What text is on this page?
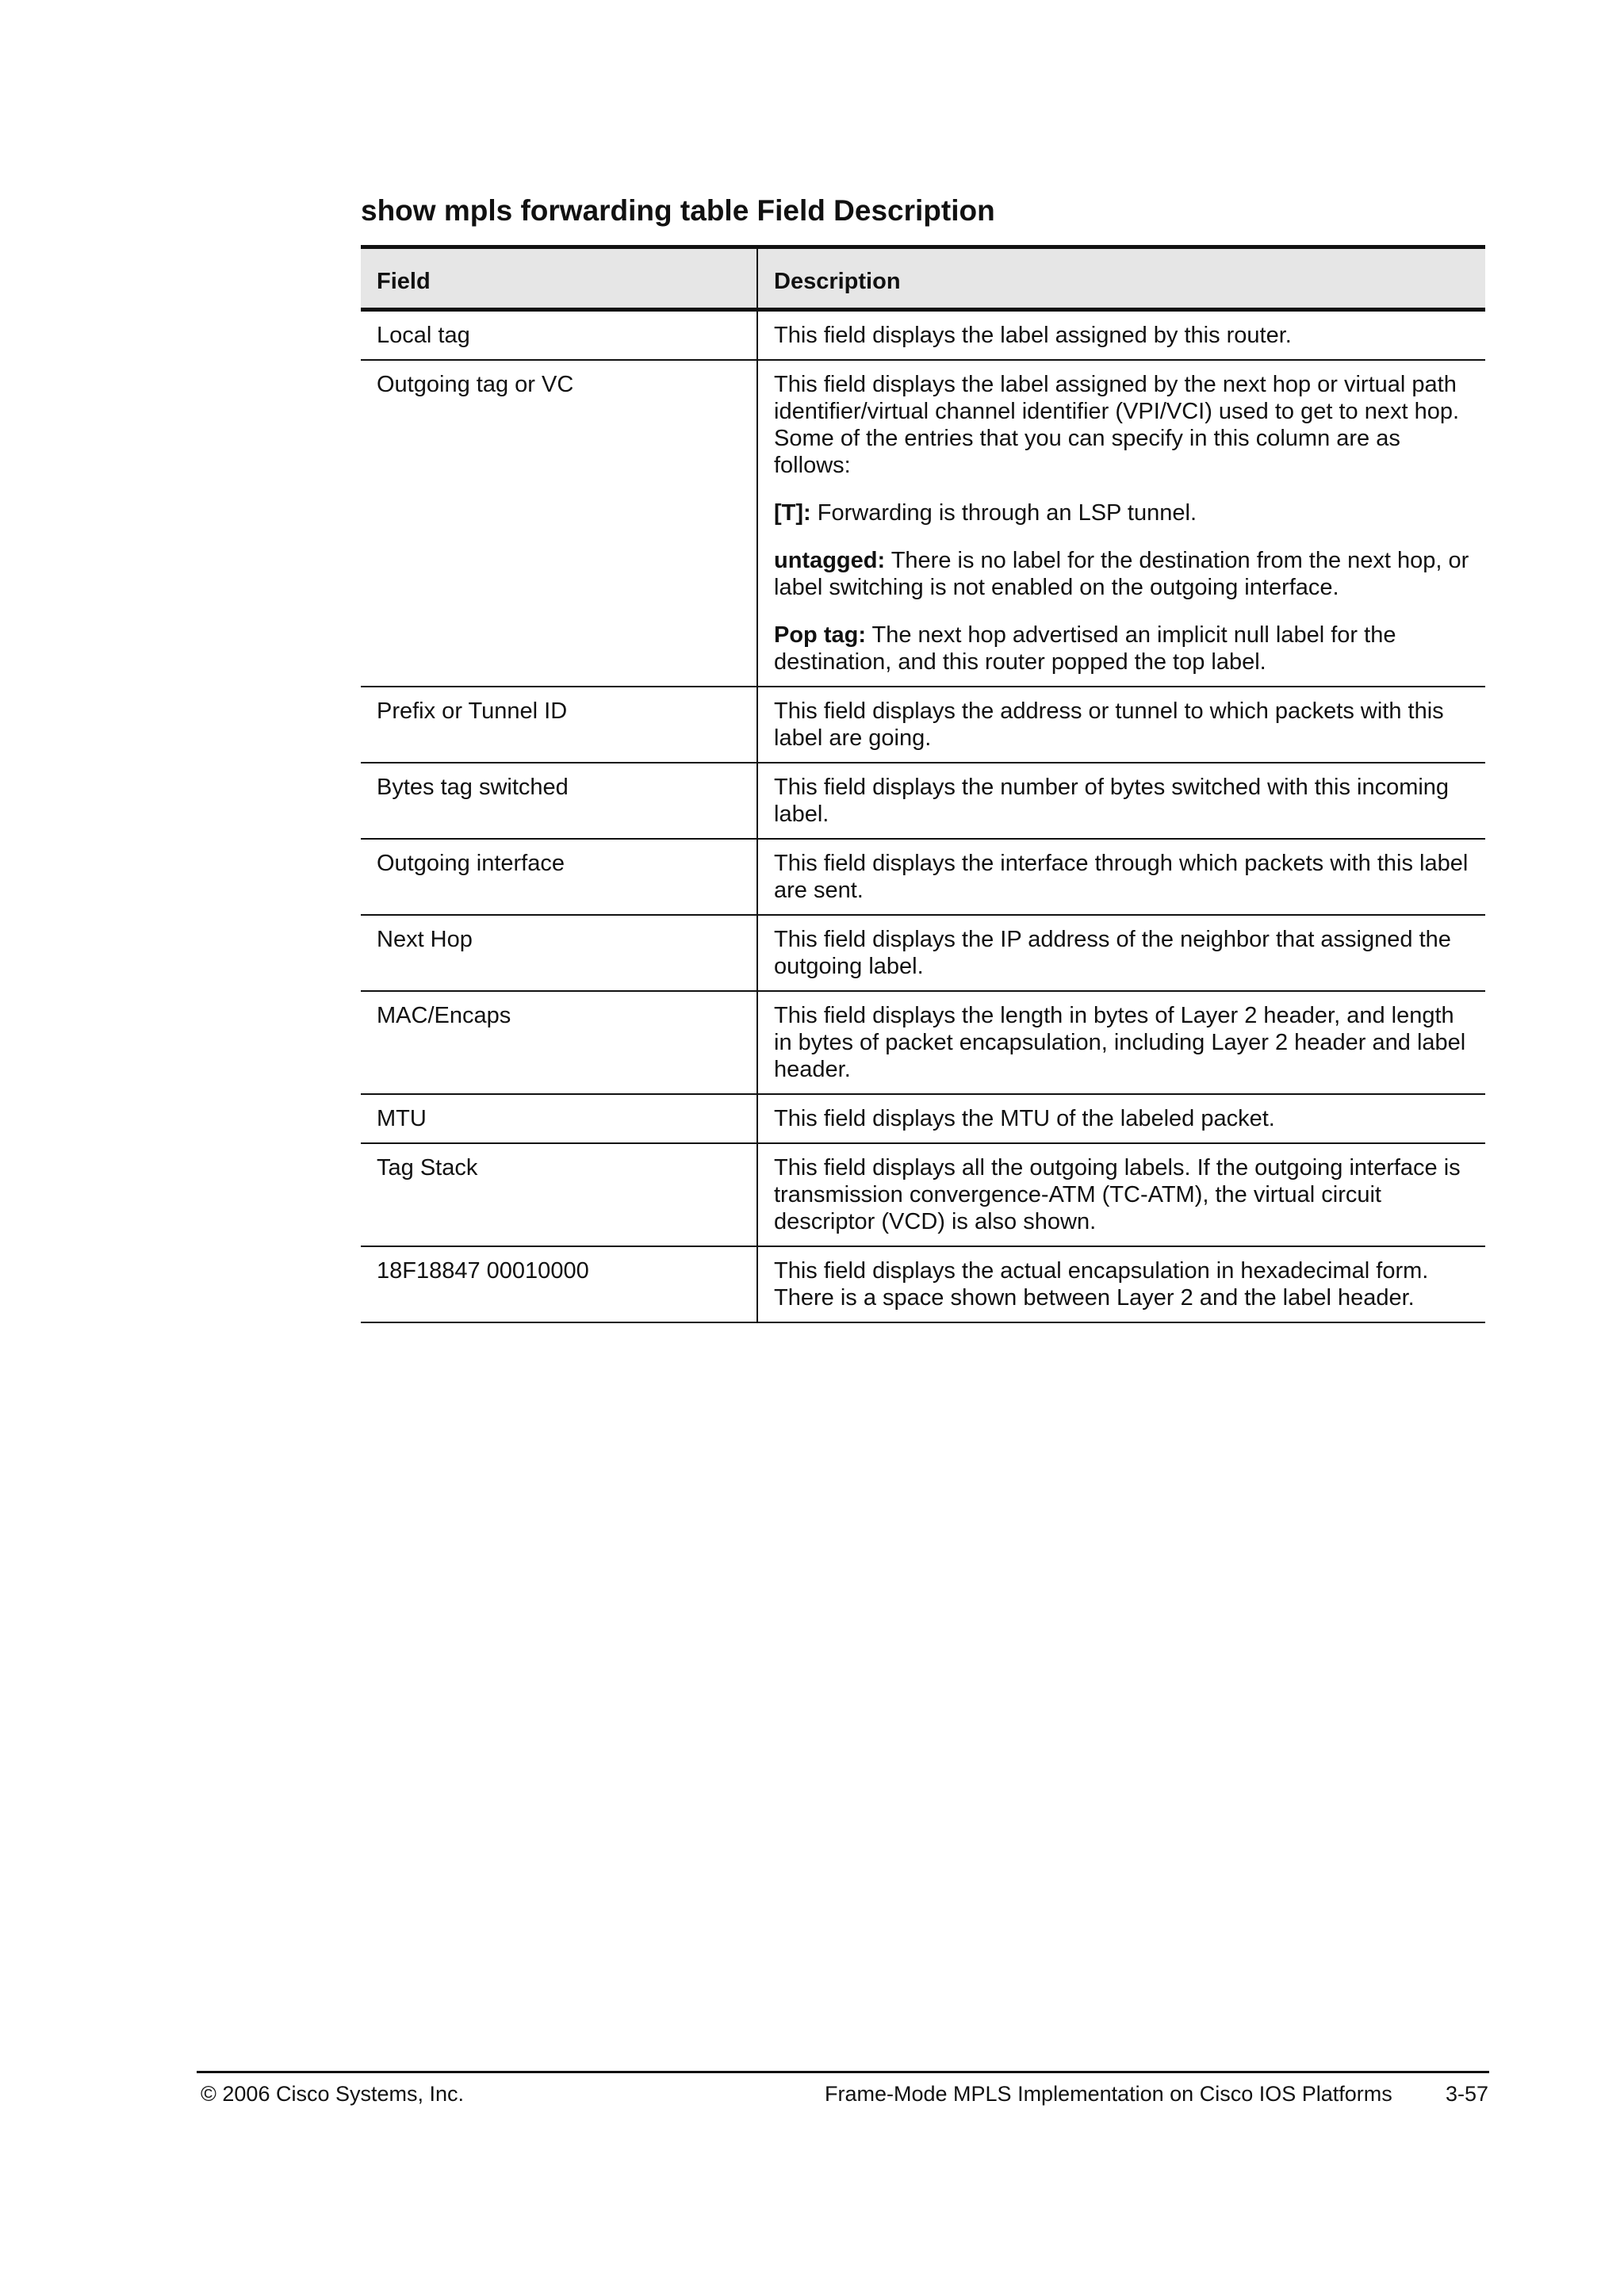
show mpls forwarding table Field Description
Field	Description
Local tag	This field displays the label assigned by this router.

Outgoing tag or VC	This field displays the label assigned by the next hop or virtual path identifier/virtual channel identifier (VPI/VCI) used to get to next hop. Some of the entries that you can specify in this column are as follows:

[T]: Forwarding is through an LSP tunnel.

untagged: There is no label for the destination from the next hop, or label switching is not enabled on the outgoing interface.

Pop tag: The next hop advertised an implicit null label for the destination, and this router popped the top label.

Prefix or Tunnel ID	This field displays the address or tunnel to which packets with this label are going.

Bytes tag switched	This field displays the number of bytes switched with this incoming label.

Outgoing interface	This field displays the interface through which packets with this label are sent.

Next Hop	This field displays the IP address of the neighbor that assigned the outgoing label.

MAC/Encaps	This field displays the length in bytes of Layer 2 header, and length in bytes of packet encapsulation, including Layer 2 header and label header.

MTU	This field displays the MTU of the labeled packet.

Tag Stack	This field displays all the outgoing labels. If the outgoing interface is transmission convergence-ATM (TC-ATM), the virtual circuit descriptor (VCD) is also shown.

18F18847 00010000	This field displays the actual encapsulation in hexadecimal form. There is a space shown between Layer 2 and the label header.

© 2006 Cisco Systems, Inc.	Frame-Mode MPLS Implementation on Cisco IOS Platforms 3-57
